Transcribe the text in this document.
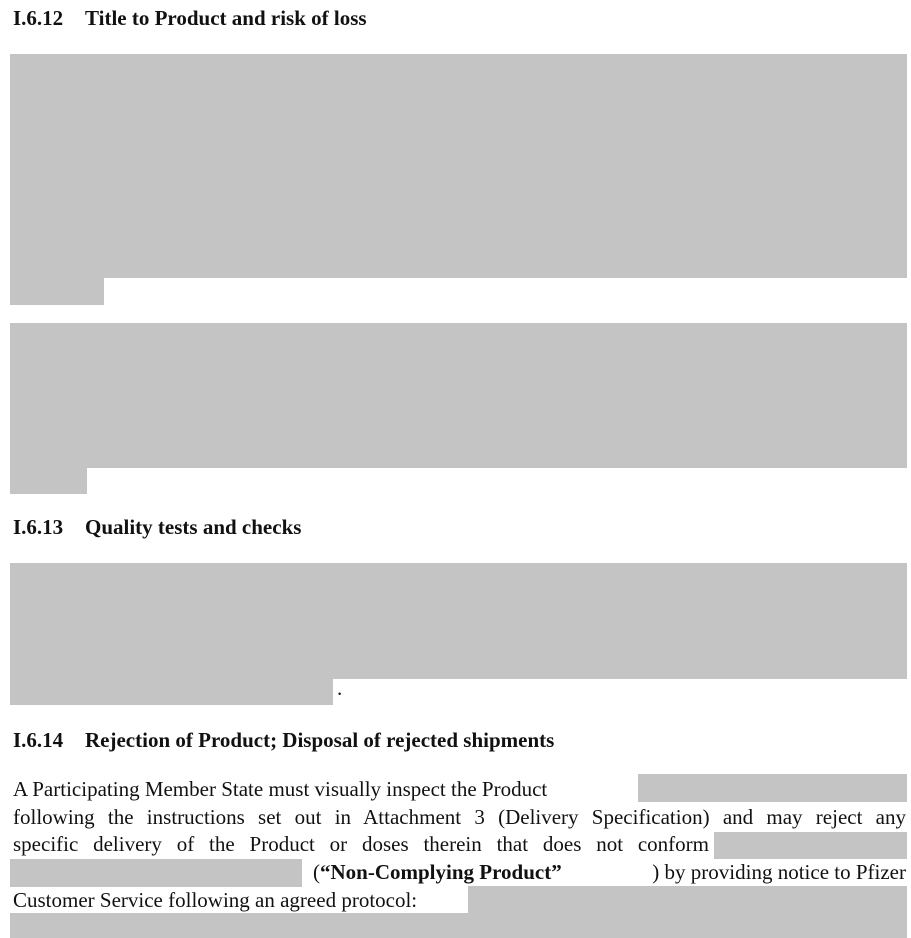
I.6.12 Title to Product and risk of loss
I.6.13 Quality tests and checks
.
I.6.14 Rejection of Product; Disposal of rejected shipments
A Participating Member State must visually inspect the Product
following the instructions set out in Attachment 3 (Delivery Specification) and may reject any
specific delivery of the Product or doses therein that does not conform
(“Non-Complying Product”	) by providing notice to Pfizer
Customer Service following an agreed protocol:
